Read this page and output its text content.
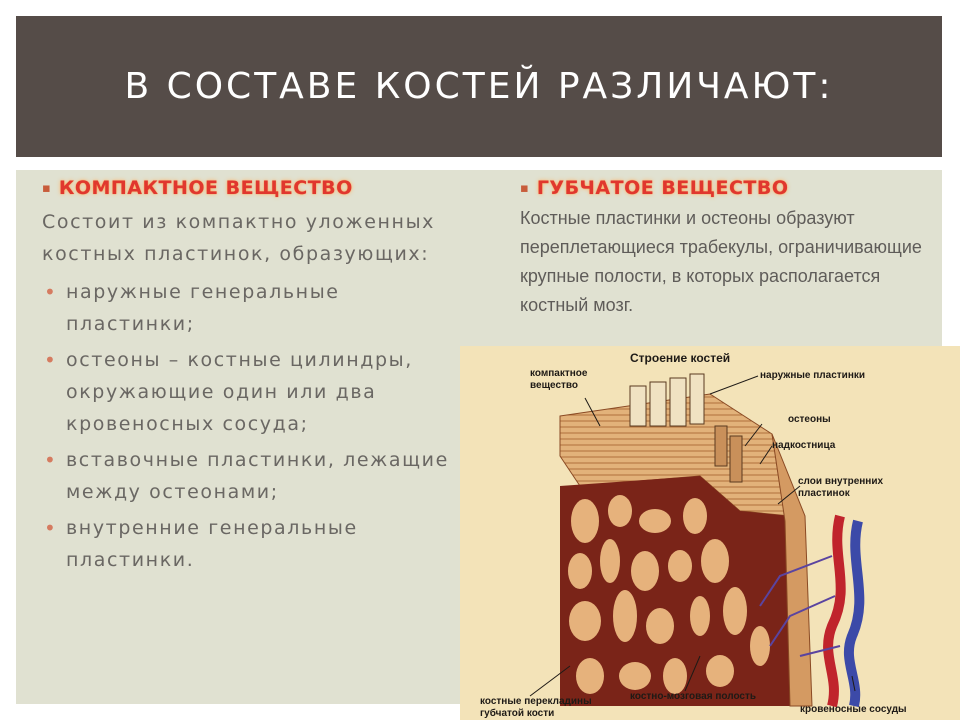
В СОСТАВЕ КОСТЕЙ РАЗЛИЧАЮТ:
▪ КОМПАКТНОЕ ВЕЩЕСТВО
Состоит из компактно уложенных костных пластинок, образующих:
• наружные генеральные пластинки;
• остеоны – костные цилиндры, окружающие один или два кровеносных сосуда;
• вставочные пластинки, лежащие между остеонами;
• внутренние генеральные пластинки.
▪ ГУБЧАТОЕ ВЕЩЕСТВО
Костные пластинки и остеоны образуют переплетающиеся трабекулы, ограничивающие крупные полости, в которых располагается костный мозг.
Строение костей
компактное вещество
наружные пластинки
остеоны
надкостница
слои внутренних пластинок
костные перекладины губчатой кости
костно-мозговая полость
кровеносные сосуды
